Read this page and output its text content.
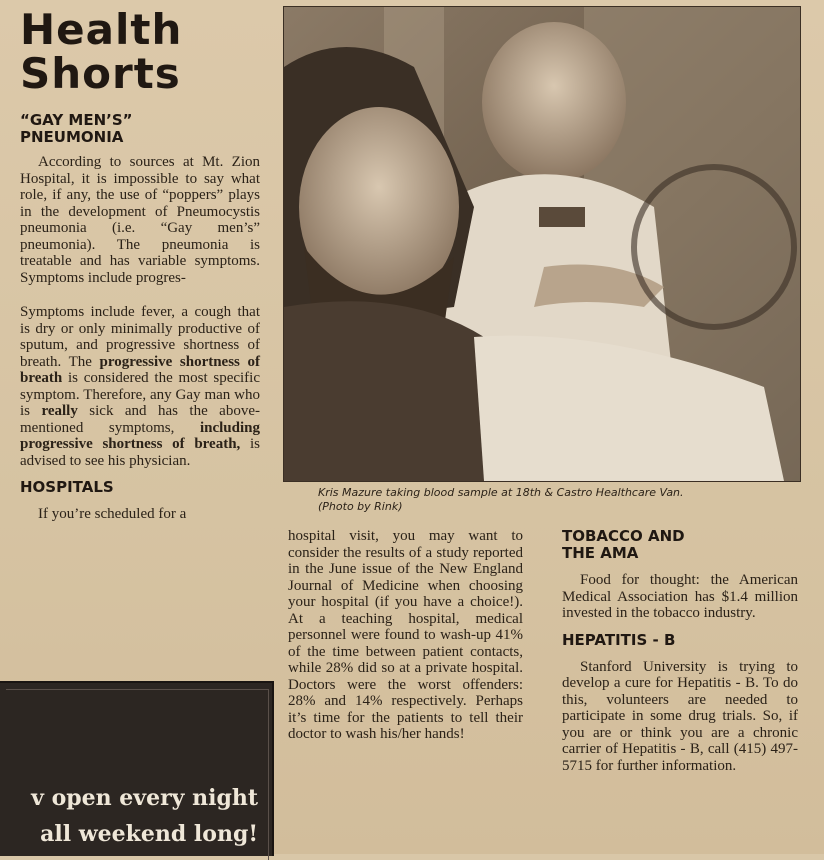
Health
Shorts
“GAY MEN’S”
PNEUMONIA
According to sources at Mt. Zion Hospital, it is impossible to say what role, if any, the use of “poppers” plays in the development of Pneumocystis pneumonia (i.e. “Gay men’s” pneumonia). The pneumonia is treatable and has variable symptoms. Symptoms include progres-
Symptoms include fever, a cough that is dry or only minimally productive of sputum, and progressive shortness of breath. The progressive shortness of breath is considered the most specific symptom. Therefore, any Gay man who is really sick and has the above-mentioned symptoms, including progressive shortness of breath, is advised to see his physician.
HOSPITALS
If you’re scheduled for a
Kris Mazure taking blood sample at 18th & Castro Healthcare Van.
(Photo by Rink)
hospital visit, you may want to consider the results of a study reported in the June issue of the New England Journal of Medicine when choosing your hospital (if you have a choice!). At a teaching hospital, medical personnel were found to wash-up 41% of the time between patient contacts, while 28% did so at a private hospital. Doctors were the worst offenders: 28% and 14% respectively. Perhaps it’s time for the patients to tell their doctor to wash his/her hands!
TOBACCO AND
THE AMA
Food for thought: the American Medical Association has $1.4 million invested in the tobacco industry.
HEPATITIS - B
Stanford University is trying to develop a cure for Hepatitis - B. To do this, volunteers are needed to participate in some drug trials. So, if you are or think you are a chronic carrier of Hepatitis - B, call (415) 497-5715 for further information.
v open every night
all weekend long!
